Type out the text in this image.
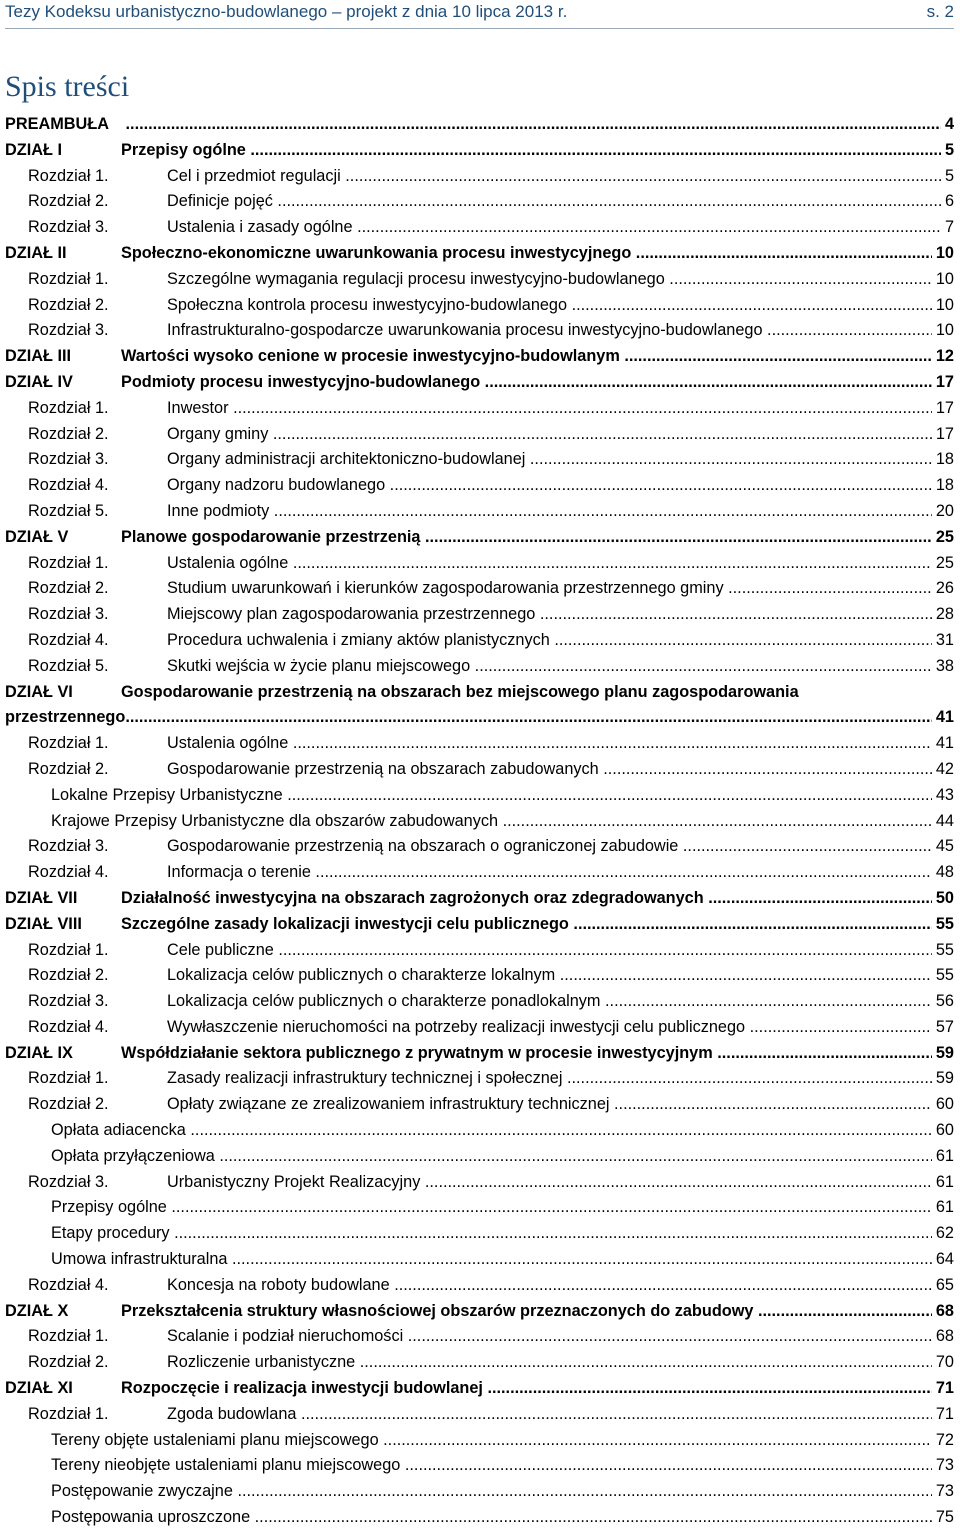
Tezy Kodeksu urbanistyczno-budowlanego – projekt z dnia 10 lipca 2013 r.	s. 2
Spis treści
PREAMBUŁA .....	4
DZIAŁ I	Przepisy ogólne .....	5
Rozdział 1.	Cel i przedmiot regulacji .....	5
Rozdział 2.	Definicje pojęć .....	6
Rozdział 3.	Ustalenia i zasady ogólne .....	7
DZIAŁ II	Społeczno-ekonomiczne uwarunkowania procesu inwestycyjnego .....	10
Rozdział 1.	Szczególne wymagania regulacji procesu inwestycyjno-budowlanego .....	10
Rozdział 2.	Społeczna kontrola procesu inwestycyjno-budowlanego .....	10
Rozdział 3.	Infrastrukturalno-gospodarcze uwarunkowania procesu inwestycyjno-budowlanego .....	10
DZIAŁ III	Wartości wysoko cenione w procesie inwestycyjno-budowlanym .....	12
DZIAŁ IV	Podmioty procesu inwestycyjno-budowlanego .....	17
Rozdział 1.	Inwestor .....	17
Rozdział 2.	Organy gminy .....	17
Rozdział 3.	Organy administracji architektoniczno-budowlanej .....	18
Rozdział 4.	Organy nadzoru budowlanego .....	18
Rozdział 5.	Inne podmioty .....	20
DZIAŁ V	Planowe gospodarowanie przestrzenią .....	25
Rozdział 1.	Ustalenia ogólne .....	25
Rozdział 2.	Studium uwarunkowań i kierunków zagospodarowania przestrzennego gminy .....	26
Rozdział 3.	Miejscowy plan zagospodarowania przestrzennego .....	28
Rozdział 4.	Procedura uchwalenia i zmiany aktów planistycznych .....	31
Rozdział 5.	Skutki wejścia w życie planu miejscowego .....	38
DZIAŁ VI	Gospodarowanie przestrzenią na obszarach bez miejscowego planu zagospodarowania
przestrzennego .....	41
Rozdział 1.	Ustalenia ogólne .....	41
Rozdział 2.	Gospodarowanie przestrzenią na obszarach zabudowanych .....	42
Lokalne Przepisy Urbanistyczne .....	43
Krajowe Przepisy Urbanistyczne dla obszarów zabudowanych .....	44
Rozdział 3.	Gospodarowanie przestrzenią na obszarach o ograniczonej zabudowie .....	45
Rozdział 4.	Informacja o terenie .....	48
DZIAŁ VII	Działalność inwestycyjna na obszarach zagrożonych oraz zdegradowanych .....	50
DZIAŁ VIII Szczególne zasady lokalizacji inwestycji celu publicznego .....	55
Rozdział 1.	Cele publiczne .....	55
Rozdział 2.	Lokalizacja celów publicznych o charakterze lokalnym .....	55
Rozdział 3.	Lokalizacja celów publicznych o charakterze ponadlokalnym .....	56
Rozdział 4.	Wywłaszczenie nieruchomości na potrzeby realizacji inwestycji celu publicznego .....	57
DZIAŁ IX	Współdziałanie sektora publicznego z prywatnym w procesie inwestycyjnym .....	59
Rozdział 1.	Zasady realizacji infrastruktury technicznej i społecznej .....	59
Rozdział 2.	Opłaty związane ze zrealizowaniem infrastruktury technicznej .....	60
Opłata adiacencka .....	60
Opłata przyłączeniowa .....	61
Rozdział 3.	Urbanistyczny Projekt Realizacyjny .....	61
Przepisy ogólne .....	61
Etapy procedury .....	62
Umowa infrastrukturalna .....	64
Rozdział 4.	Koncesja na roboty budowlane .....	65
DZIAŁ X	Przekształcenia struktury własnościowej obszarów przeznaczonych do zabudowy .....	68
Rozdział 1.	Scalanie i podział nieruchomości .....	68
Rozdział 2.	Rozliczenie urbanistyczne .....	70
DZIAŁ XI	Rozpoczęcie i realizacja inwestycji budowlanej .....	71
Rozdział 1.	Zgoda budowlana .....	71
Tereny objęte ustaleniami planu miejscowego .....	72
Tereny nieobjęte ustaleniami planu miejscowego .....	73
Postępowanie zwyczajne .....	73
Postępowania uproszczone .....	75
